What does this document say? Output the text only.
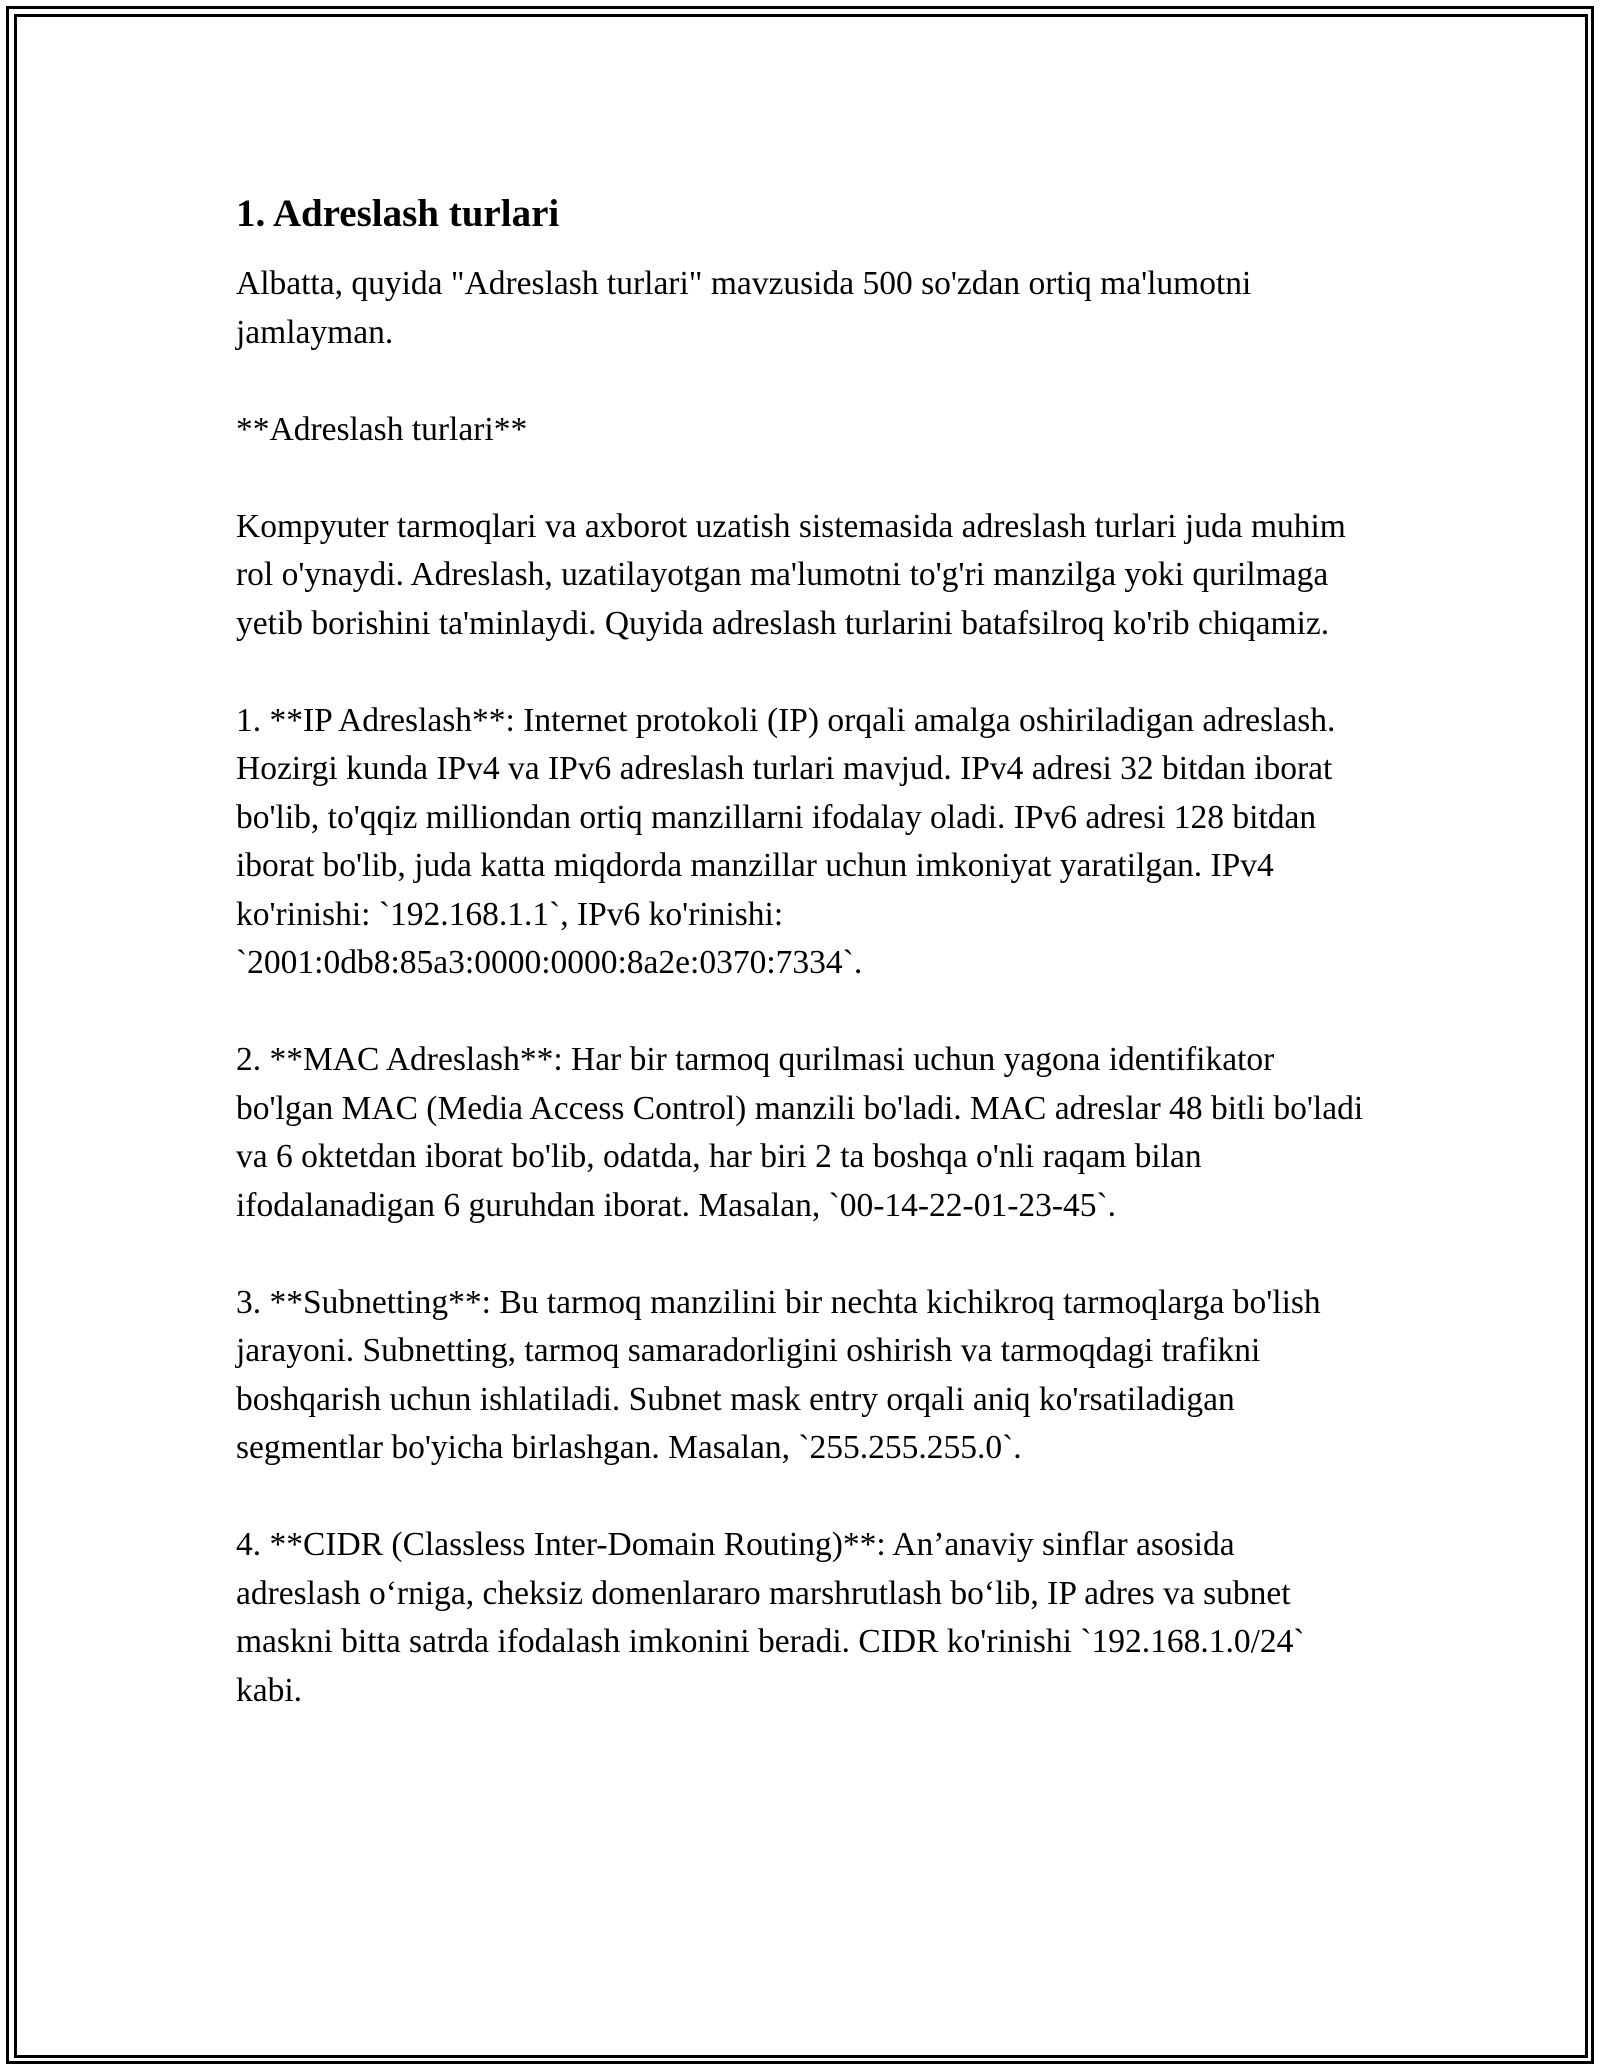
1. Adreslash turlari

Albatta, quyida "Adreslash turlari" mavzusida 500 so'zdan ortiq ma'lumotni jamlayman.

**Adreslash turlari**

Kompyuter tarmoqlari va axborot uzatish sistemasida adreslash turlari juda muhim rol o'ynaydi. Adreslash, uzatilayotgan ma'lumotni to'g'ri manzilga yoki qurilmaga yetib borishini ta'minlaydi. Quyida adreslash turlarini batafsilroq ko'rib chiqamiz.

1. **IP Adreslash**: Internet protokoli (IP) orqali amalga oshiriladigan adreslash. Hozirgi kunda IPv4 va IPv6 adreslash turlari mavjud. IPv4 adresi 32 bitdan iborat bo'lib, to'qqiz milliondan ortiq manzillarni ifodalay oladi. IPv6 adresi 128 bitdan iborat bo'lib, juda katta miqdorda manzillar uchun imkoniyat yaratilgan. IPv4 ko'rinishi: `192.168.1.1`, IPv6 ko'rinishi: `2001:0db8:85a3:0000:0000:8a2e:0370:7334`.

2. **MAC Adreslash**: Har bir tarmoq qurilmasi uchun yagona identifikator bo'lgan MAC (Media Access Control) manzili bo'ladi. MAC adreslar 48 bitli bo'ladi va 6 oktetdan iborat bo'lib, odatda, har biri 2 ta boshqa o'nli raqam bilan ifodalanadigan 6 guruhdan iborat. Masalan, `00-14-22-01-23-45`.

3. **Subnetting**: Bu tarmoq manzilini bir nechta kichikroq tarmoqlarga bo'lish jarayoni. Subnetting, tarmoq samaradorligini oshirish va tarmoqdagi trafikni boshqarish uchun ishlatiladi. Subnet mask entry orqali aniq ko'rsatiladigan segmentlar bo'yicha birlashgan. Masalan, `255.255.255.0`.

4. **CIDR (Classless Inter-Domain Routing)**: An’anaviy sinflar asosida adreslash o‘rniga, cheksiz domenlararo marshrutlash bo‘lib, IP adres va subnet maskni bitta satrda ifodalash imkonini beradi. CIDR ko'rinishi `192.168.1.0/24` kabi.
